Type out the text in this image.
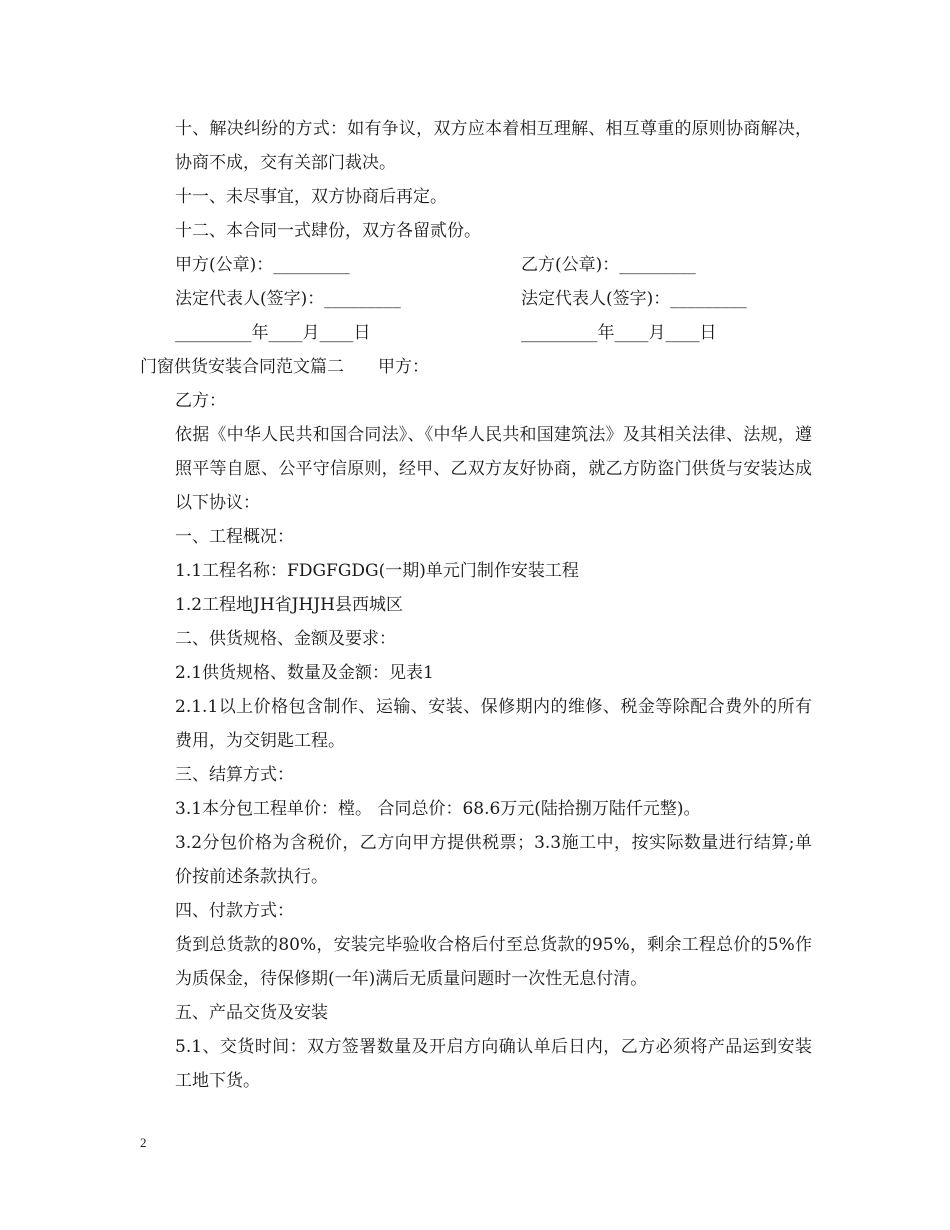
十、解决纠纷的方式：如有争议，双方应本着相互理解、相互尊重的原则协商解决，协商不成，交有关部门裁决。
十一、未尽事宜，双方协商后再定。
十二、本合同一式肆份，双方各留贰份。
甲方(公章)：_________	乙方(公章)：_________
法定代表人(签字)：_________	法定代表人(签字)：_________
_________年____月____日	_________年____月____日
门窗供货安装合同范文篇二　　甲方：
乙方：
依据《中华人民共和国合同法》、《中华人民共和国建筑法》及其相关法律、法规，遵照平等自愿、公平守信原则，经甲、乙双方友好协商，就乙方防盗门供货与安装达成以下协议：
一、工程概况：
1.1工程名称：FDGFGDG(一期)单元门制作安装工程
1.2工程地JH省JHJH县西城区
二、供货规格、金额及要求：
2.1供货规格、数量及金额：见表1
2.1.1以上价格包含制作、运输、安装、保修期内的维修、税金等除配合费外的所有费用，为交钥匙工程。
三、结算方式：
3.1本分包工程单价：樘。 合同总价：68.6万元(陆拾捌万陆仟元整)。
3.2分包价格为含税价，乙方向甲方提供税票；3.3施工中，按实际数量进行结算;单价按前述条款执行。
四、付款方式：
货到总货款的80%，安装完毕验收合格后付至总货款的95%，剩余工程总价的5%作为质保金，待保修期(一年)满后无质量问题时一次性无息付清。
五、产品交货及安装
5.1、交货时间：双方签署数量及开启方向确认单后日内，乙方必须将产品运到安装工地下货。
2
